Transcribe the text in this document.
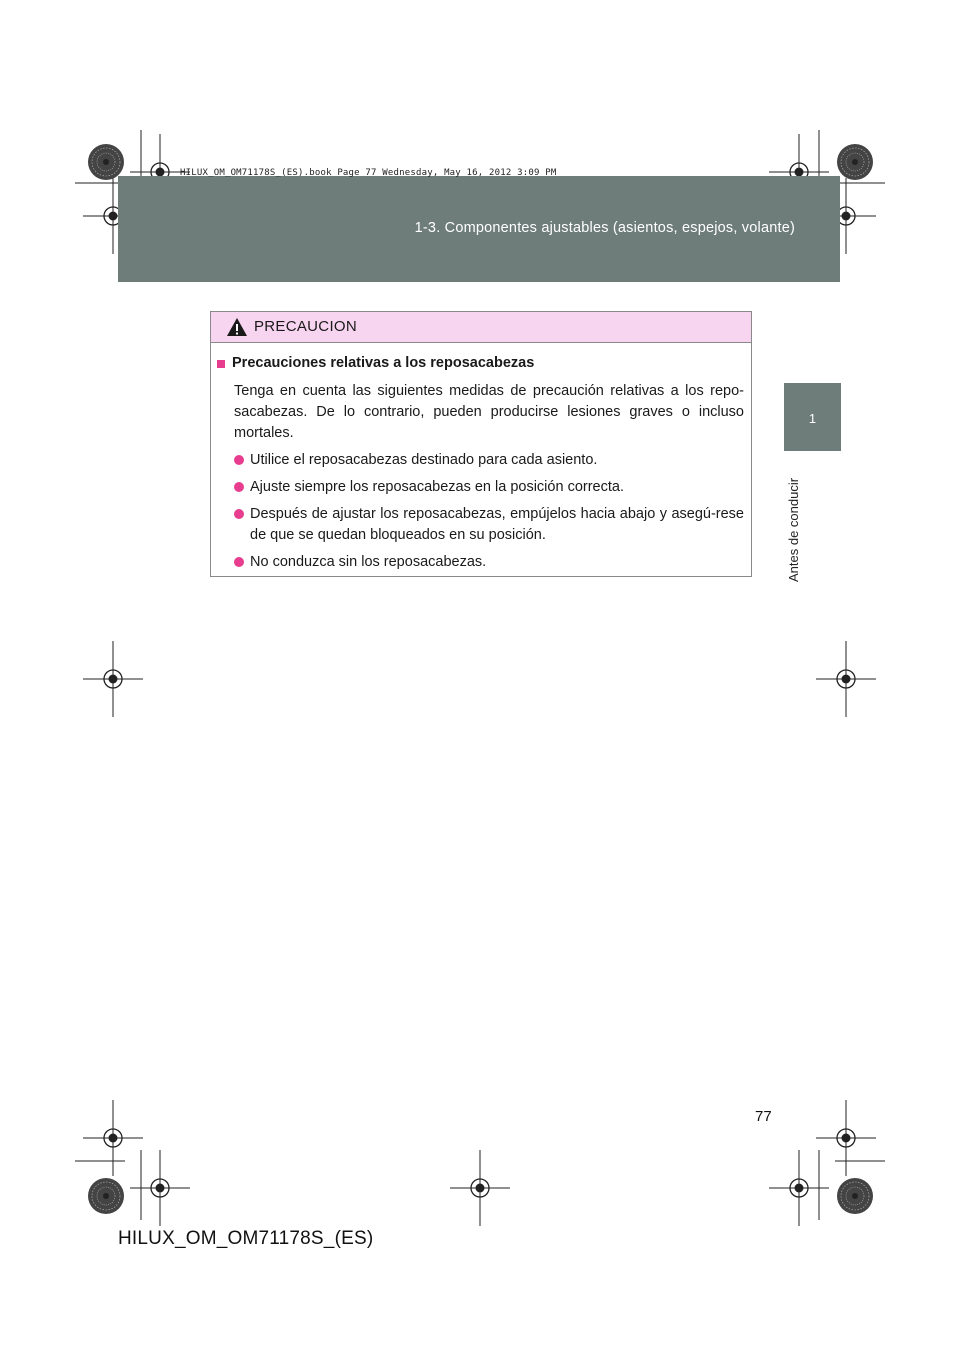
HILUX_OM_OM71178S_(ES).book Page 77 Wednesday, May 16, 2012 3:09 PM
1-3. Componentes ajustables (asientos, espejos, volante)
1
Antes de conducir
PRECAUCION
Precauciones relativas a los reposacabezas
Tenga en cuenta las siguientes medidas de precaución relativas a los repo-sacabezas. De lo contrario, pueden producirse lesiones graves o incluso mortales.
Utilice el reposacabezas destinado para cada asiento.
Ajuste siempre los reposacabezas en la posición correcta.
Después de ajustar los reposacabezas, empújelos hacia abajo y asegú-rese de que se quedan bloqueados en su posición.
No conduzca sin los reposacabezas.
77
HILUX_OM_OM71178S_(ES)
